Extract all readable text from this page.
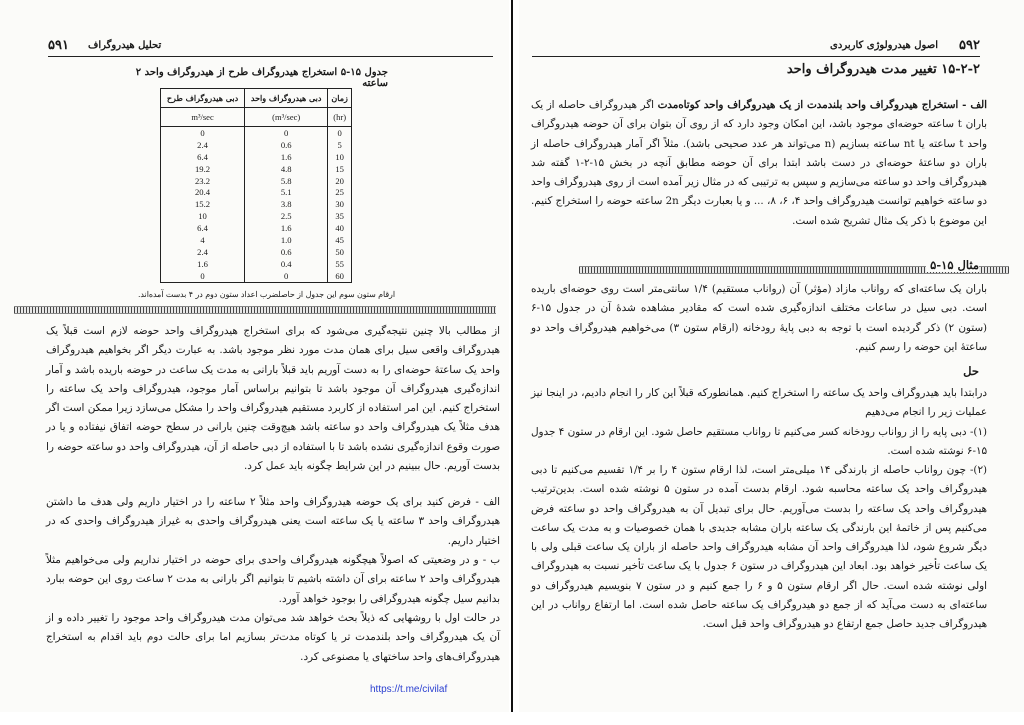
۵۹۱ تحلیل هیدروگراف
جدول ۱۵-۵ استخراج هیدروگراف طرح از هیدروگراف واحد ۲ ساعته
دبی هیدروگراف طرح	دبی هیدروگراف واحد	زمان
m³/sec	(m³/sec)	(hr)
0	0	0
2.4	0.6	5
6.4	1.6	10
19.2	4.8	15
23.2	5.8	20
20.4	5.1	25
15.2	3.8	30
10	2.5	35
6.4	1.6	40
4	1.0	45
2.4	0.6	50
1.6	0.4	55
0	0	60
ارقام ستون سوم این جدول از حاصلضرب اعداد ستون دوم در ۴ بدست آمده‌اند.
از مطالب بالا چنین نتیجه‌گیری می‌شود که برای استخراج هیدروگراف واحد حوضه لازم است قبلاً یک هیدروگراف واقعی سیل برای همان مدت مورد نظر موجود باشد. به عبارت دیگر اگر بخواهیم هیدروگراف واحد یک ساعتهٔ حوضه‌ای را به دست آوریم باید قبلاً بارانی به مدت یک ساعت در حوضه باریده باشد و آمار اندازه‌گیری هیدروگراف آن موجود باشد تا بتوانیم براساس آمار موجود، هیدروگراف واحد یک ساعته را استخراج کنیم. این امر استفاده از کاربرد مستقیم هیدروگراف واحد را مشکل می‌سازد زیرا ممکن است اگر هدف مثلاً یک هیدروگراف واحد دو ساعته باشد هیچ‌وقت چنین بارانی در سطح حوضه اتفاق نیفتاده و یا در صورت وقوع اندازه‌گیری نشده باشد تا با استفاده از دبی حاصله از آن، هیدروگراف واحد دو ساعته حوضه را بدست آوریم. حال ببینیم در این شرایط چگونه باید عمل کرد.
الف - فرض کنید برای یک حوضه هیدروگراف واحد مثلاً ۲ ساعته را در اختیار داریم ولی هدف ما داشتن هیدروگراف واحد ۳ ساعته یا یک ساعته است یعنی هیدروگراف واحدی به غیراز هیدروگراف واحدی که در اختیار داریم.
ب - و در وضعیتی که اصولاً هیچگونه هیدروگراف واحدی برای حوضه در اختیار نداریم ولی می‌خواهیم مثلاً هیدروگراف واحد ۲ ساعته برای آن داشته باشیم تا بتوانیم اگر بارانی به مدت ۲ ساعت روی این حوضه ببارد بدانیم سیل چگونه هیدروگرافی را بوجود خواهد آورد.
در حالت اول با روشهایی که ذیلاً بحث خواهد شد می‌توان مدت هیدروگراف واحد موجود را تغییر داده و از آن یک هیدروگراف واحد بلندمدت تر یا کوتاه مدت‌تر بسازیم اما برای حالت دوم باید اقدام به استخراج هیدروگراف‌های واحد ساختهای یا مصنوعی کرد.
https://t.me/civilaf
۵۹۲
اصول هیدرولوژی کاربردی
۱۵-۲-۲ تغییر مدت هیدروگراف واحد
الف - استخراج هیدروگراف واحد بلندمدت از یک هیدروگراف واحد کوتاه‌مدت اگر هیدروگراف حاصله از یک باران t ساعته حوضه‌ای موجود باشد، این امکان وجود دارد که از روی آن بتوان برای آن حوضه هیدروگراف واحد t ساعته یا nt ساعته بسازیم (n می‌تواند هر عدد صحیحی باشد). مثلاً اگر آمار هیدروگراف حاصله از باران دو ساعتهٔ حوضه‌ای در دست باشد ابتدا برای آن حوضه مطابق آنچه در بخش ۱۵-۲-۱ گفته شد هیدروگراف واحد دو ساعته می‌سازیم و سپس به ترتیبی که در مثال زیر آمده است از روی هیدروگراف واحد دو ساعته خواهیم توانست هیدروگراف واحد ۴، ۶، ۸، ... و یا بعبارت دیگر 2n ساعته حوضه را استخراج کنیم. این موضوع با ذکر یک مثال تشریح شده است.
مثال ۱۵-۵
باران یک ساعته‌ای که رواناب مازاد (مؤثر) آن (رواناب مستقیم) ۱/۴ سانتی‌متر است روی حوضه‌ای باریده است. دبی سیل در ساعات مختلف اندازه‌گیری شده است که مقادیر مشاهده شدهٔ آن در جدول ۱۵-۶ (ستون ۲) ذکر گردیده است با توجه به دبی پایهٔ رودخانه (ارقام ستون ۳) می‌خواهیم هیدروگراف واحد دو ساعتهٔ این حوضه را رسم کنیم.
حل
درابتدا باید هیدروگراف واحد یک ساعته را استخراج کنیم. همانطورکه قبلاً این کار را انجام دادیم، در اینجا نیز عملیات زیر را انجام می‌دهیم
(۱)- دبی پایه را از رواناب رودخانه کسر می‌کنیم تا رواناب مستقیم حاصل شود. این ارقام در ستون ۴ جدول ۱۵-۶ نوشته شده است.
(۲)- چون رواناب حاصله از بارندگی ۱۴ میلی‌متر است، لذا ارقام ستون ۴ را بر ۱/۴ تقسیم می‌کنیم تا دبی هیدروگراف واحد یک ساعته محاسبه شود. ارقام بدست آمده در ستون ۵ نوشته شده است. بدین‌ترتیب هیدروگراف واحد یک ساعته را بدست می‌آوریم. حال برای تبدیل آن به هیدروگراف واحد دو ساعته فرض می‌کنیم پس از خاتمهٔ این بارندگی یک ساعته باران مشابه جدیدی با همان خصوصیات و به مدت یک ساعت دیگر شروع شود، لذا هیدروگراف واحد آن مشابه هیدروگراف واحد حاصله از باران یک ساعت قبلی ولی با یک ساعت تأخیر خواهد بود. ابعاد این هیدروگراف در ستون ۶ جدول با یک ساعت تأخیر نسبت به هیدروگراف اولی نوشته شده است. حال اگر ارقام ستون ۵ و ۶ را جمع کنیم و در ستون ۷ بنویسیم هیدروگراف دو ساعته‌ای به دست می‌آید که از جمع دو هیدروگراف یک ساعته حاصل شده است. اما ارتفاع رواناب در این هیدروگراف جدید حاصل جمع ارتفاع دو هیدروگراف واحد قبل است.
